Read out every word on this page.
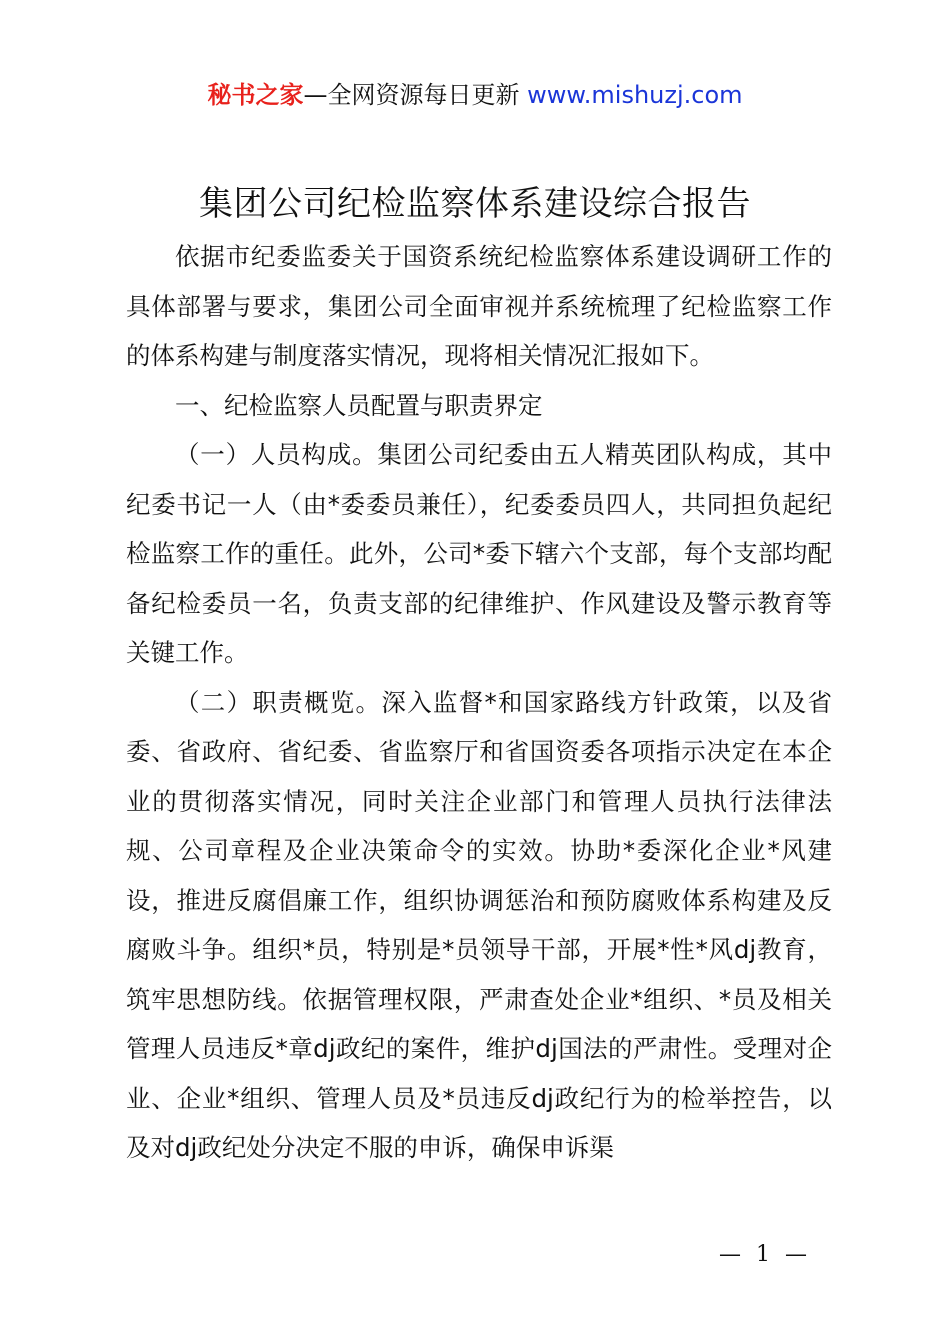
秘书之家—全网资源每日更新 www.mishuzj.com
集团公司纪检监察体系建设综合报告

依据市纪委监委关于国资系统纪检监察体系建设调研工作的具体部署与要求，集团公司全面审视并系统梳理了纪检监察工作的体系构建与制度落实情况，现将相关情况汇报如下。

一、纪检监察人员配置与职责界定

（一）人员构成。集团公司纪委由五人精英团队构成，其中纪委书记一人（由*委委员兼任），纪委委员四人，共同担负起纪检监察工作的重任。此外，公司*委下辖六个支部，每个支部均配备纪检委员一名，负责支部的纪律维护、作风建设及警示教育等关键工作。

（二）职责概览。深入监督*和国家路线方针政策，以及省委、省政府、省纪委、省监察厅和省国资委各项指示决定在本企业的贯彻落实情况，同时关注企业部门和管理人员执行法律法规、公司章程及企业决策命令的实效。协助*委深化企业*风建设，推进反腐倡廉工作，组织协调惩治和预防腐败体系构建及反腐败斗争。组织*员，特别是*员领导干部，开展*性*风dj教育，筑牢思想防线。依据管理权限，严肃查处企业*组织、*员及相关管理人员违反*章dj政纪的案件，维护dj国法的严肃性。受理对企业、企业*组织、管理人员及*员违反dj政纪行为的检举控告，以及对dj政纪处分决定不服的申诉，确保申诉渠

— 1 —
